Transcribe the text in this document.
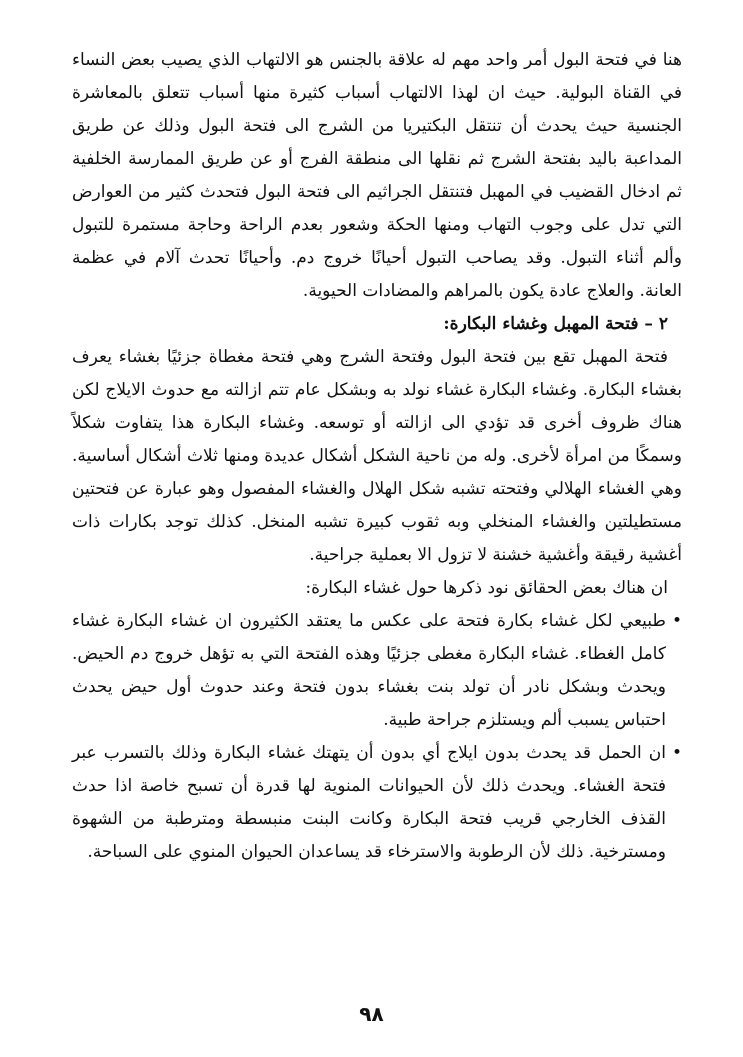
هنا في فتحة البول أمر واحد مهم له علاقة بالجنس هو الالتهاب الذي يصيب بعض النساء في القناة البولية. حيث ان لهذا الالتهاب أسباب كثيرة منها أسباب تتعلق بالمعاشرة الجنسية حيث يحدث أن تنتقل البكتيريا من الشرج الى فتحة البول وذلك عن طريق المداعبة باليد بفتحة الشرج ثم نقلها الى منطقة الفرج أو عن طريق الممارسة الخلفية ثم ادخال القضيب في المهبل فتنتقل الجراثيم الى فتحة البول فتحدث كثير من العوارض التي تدل على وجوب التهاب ومنها الحكة وشعور بعدم الراحة وحاجة مستمرة للتبول وألم أثناء التبول. وقد يصاحب التبول أحيانًا خروج دم. وأحيانًا تحدث آلام في عظمة العانة. والعلاج عادة يكون بالمراهم والمضادات الحيوية.

٢ – فتحة المهبل وغشاء البكارة:

فتحة المهبل تقع بين فتحة البول وفتحة الشرج وهي فتحة مغطاة جزئيًا بغشاء يعرف بغشاء البكارة. وغشاء البكارة غشاء نولد به وبشكل عام تتم ازالته مع حدوث الايلاج لكن هناك ظروف أخرى قد تؤدي الى ازالته أو توسعه. وغشاء البكارة هذا يتفاوت شكلاً وسمكًا من امرأة لأخرى. وله من ناحية الشكل أشكال عديدة ومنها ثلاث أشكال أساسية. وهي الغشاء الهلالي وفتحته تشبه شكل الهلال والغشاء المفصول وهو عبارة عن فتحتين مستطيلتين والغشاء المنخلي وبه ثقوب كبيرة تشبه المنخل. كذلك توجد بكارات ذات أغشية رقيقة وأغشية خشنة لا تزول الا بعملية جراحية.

ان هناك بعض الحقائق نود ذكرها حول غشاء البكارة:

•

طبيعي لكل غشاء بكارة فتحة على عكس ما يعتقد الكثيرون ان غشاء البكارة غشاء كامل الغطاء. غشاء البكارة مغطى جزئيًا وهذه الفتحة التي به تؤهل خروج دم الحيض. ويحدث وبشكل نادر أن تولد بنت بغشاء بدون فتحة وعند حدوث أول حيض يحدث احتباس يسبب ألم ويستلزم جراحة طبية.

•

ان الحمل قد يحدث بدون ايلاج أي بدون أن يتهتك غشاء البكارة وذلك بالتسرب عبر فتحة الغشاء. ويحدث ذلك لأن الحيوانات المنوية لها قدرة أن تسبح خاصة اذا حدث القذف الخارجي قريب فتحة البكارة وكانت البنت منبسطة ومترطبة من الشهوة ومسترخية. ذلك لأن الرطوبة والاسترخاء قد يساعدان الحيوان المنوي على السباحة.

٩٨
